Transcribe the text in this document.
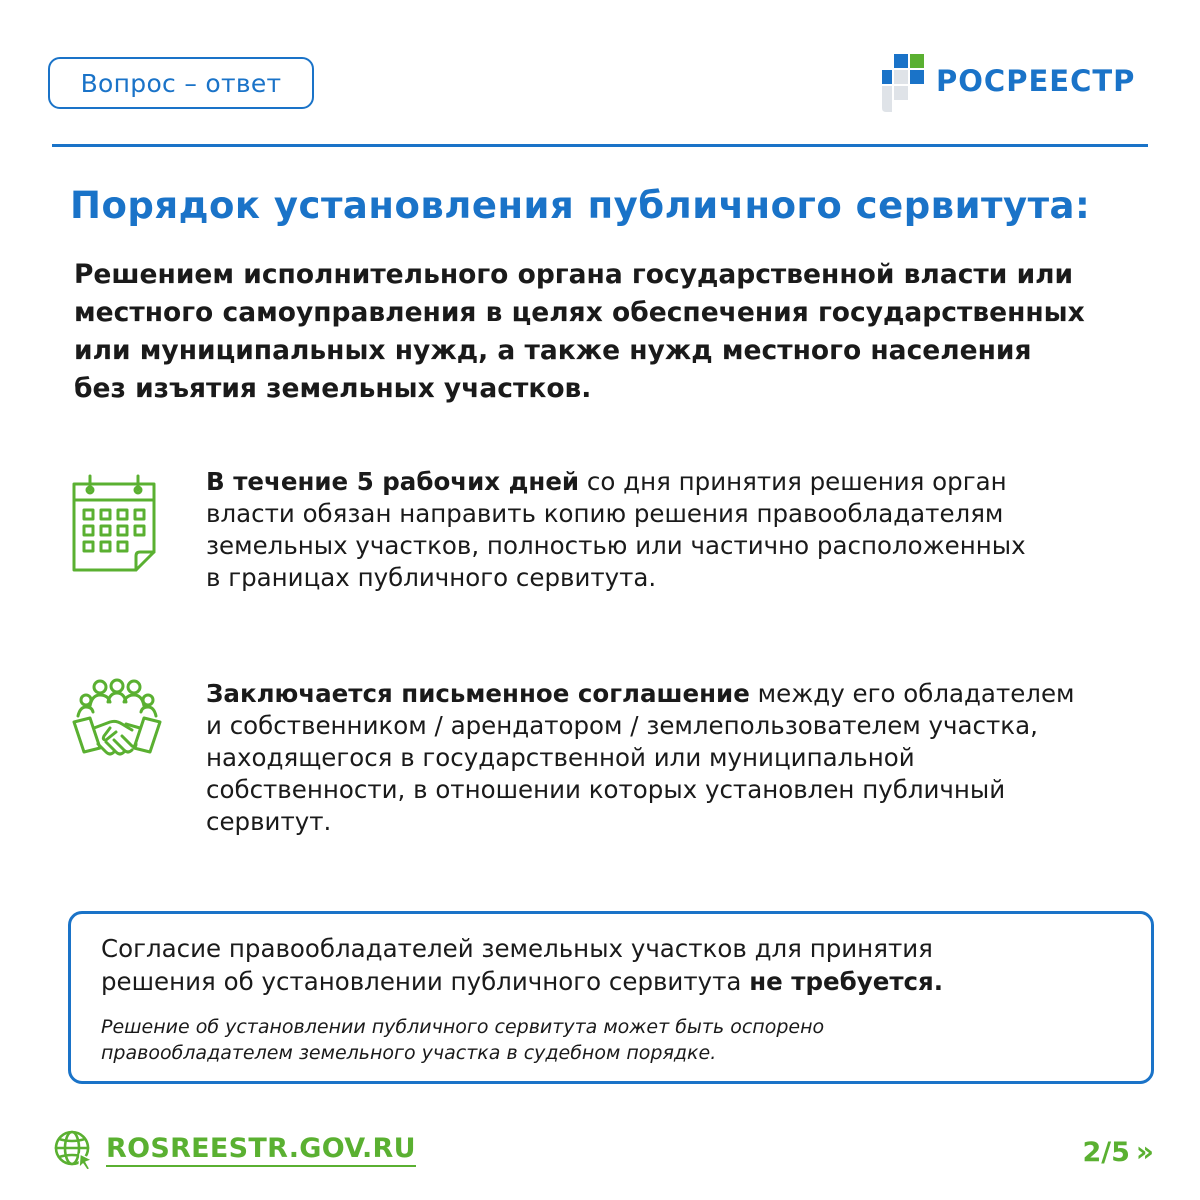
Вопрос – ответ	РОСРЕЕСТР
Порядок установления публичного сервитута:

Решением исполнительного органа государственной власти или
местного самоуправления в целях обеспечения государственных
или муниципальных нужд, а также нужд местного населения
без изъятия земельных участков.

В течение 5 рабочих дней со дня принятия решения орган
власти обязан направить копию решения правообладателям
земельных участков, полностью или частично расположенных
в границах публичного сервитута.
Заключается письменное соглашение между его обладателем
и собственником / арендатором / землепользователем участка,
находящегося в государственной или муниципальной
собственности, в отношении которых установлен публичный
сервитут.
Согласие правообладателей земельных участков для принятия
решения об установлении публичного сервитута не требуется.
Решение об установлении публичного сервитута может быть оспорено
правообладателем земельного участка в судебном порядке.
ROSREESTR.GOV.RU	2/5 »
